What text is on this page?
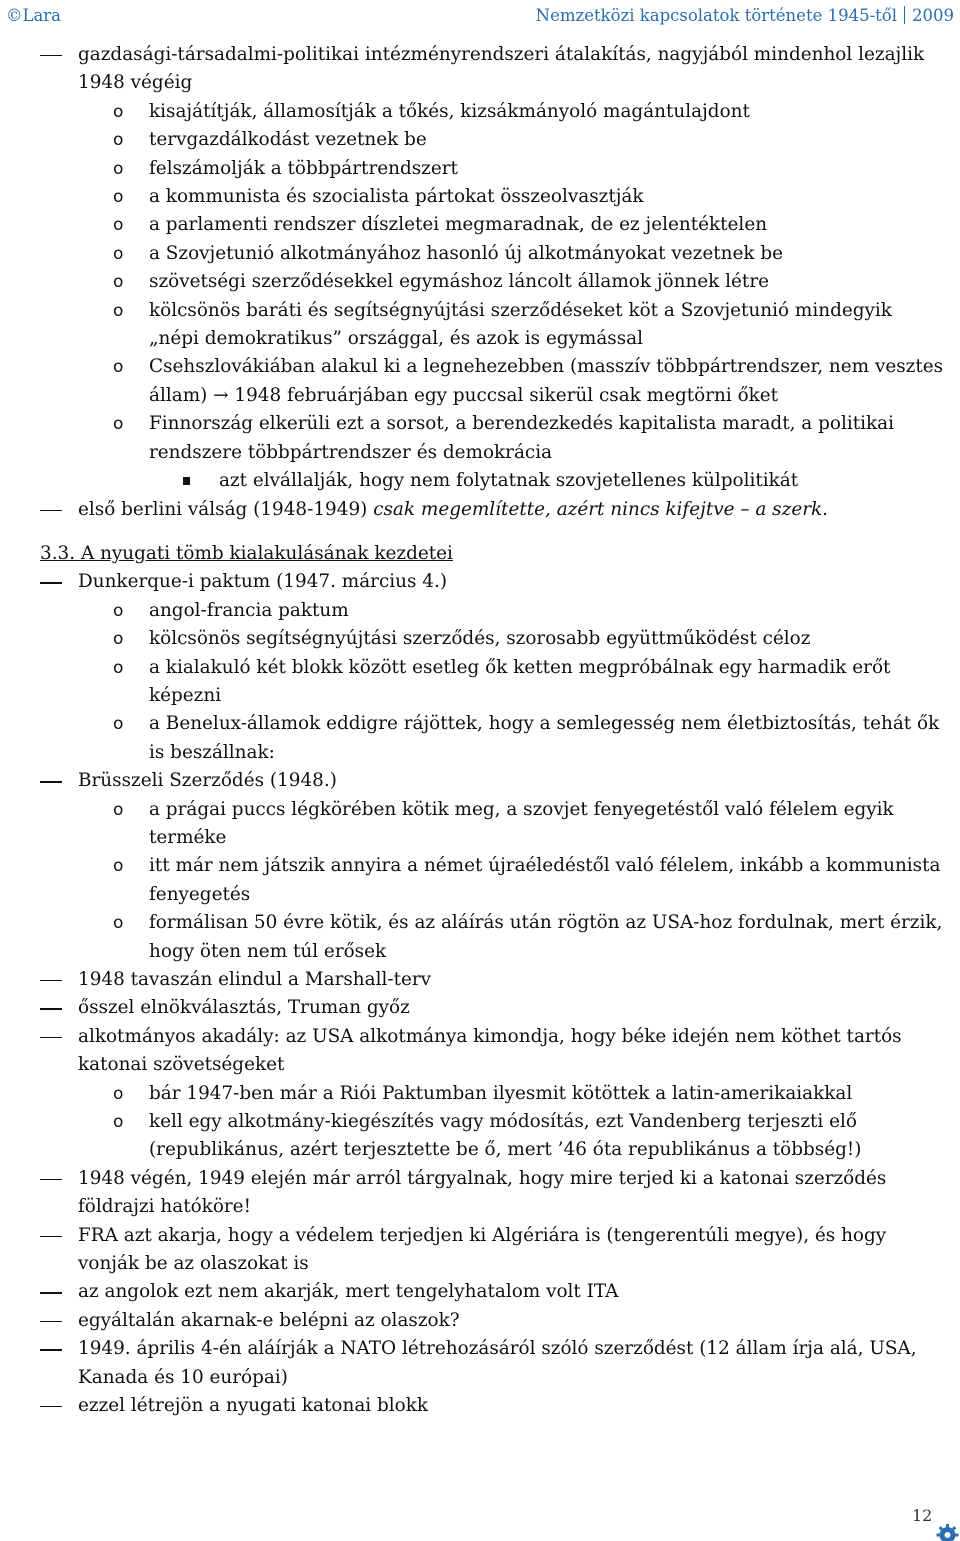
©Lara	Nemzetközi kapcsolatok története 1945-től 2009
gazdasági-társadalmi-politikai intézményrendszeri átalakítás, nagyjából mindenhol lezajlik 1948 végéig
o kisajátítják, államosítják a tőkés, kizsákmányoló magántulajdont
o tervgazdálkodást vezetnek be
o felszámolják a többpártrendszert
o a kommunista és szocialista pártokat összeolvasztják
o a parlamenti rendszer díszletei megmaradnak, de ez jelentéktelen
o a Szovjetunió alkotmányához hasonló új alkotmányokat vezetnek be
o szövetségi szerződésekkel egymáshoz láncolt államok jönnek létre
o kölcsönös baráti és segítségnyújtási szerződéseket köt a Szovjetunió mindegyik „népi demokratikus” országgal, és azok is egymással
o Csehszlovákiában alakul ki a legnehezebben (masszív többpártrendszer, nem vesztes állam) → 1948 februárjában egy puccsal sikerül csak megtörni őket
o Finnország elkerüli ezt a sorsot, a berendezkedés kapitalista maradt, a politikai rendszere többpártrendszer és demokrácia
azt elvállalják, hogy nem folytatnak szovjetellenes külpolitikát
első berlini válság (1948-1949) csak megemlítette, azért nincs kifejtve – a szerk.
3.3. A nyugati tömb kialakulásának kezdetei
Dunkerque-i paktum (1947. március 4.)
o angol-francia paktum
o kölcsönös segítségnyújtási szerződés, szorosabb együttműködést céloz
o a kialakuló két blokk között esetleg ők ketten megpróbálnak egy harmadik erőt képezni
o a Benelux-államok eddigre rájöttek, hogy a semlegesség nem életbiztosítás, tehát ők is beszállnak:
Brüsszeli Szerződés (1948.)
o a prágai puccs légkörében kötik meg, a szovjet fenyegetéstől való félelem egyik terméke
o itt már nem játszik annyira a német újraéledéstől való félelem, inkább a kommunista fenyegetés
o formálisan 50 évre kötik, és az aláírás után rögtön az USA-hoz fordulnak, mert érzik, hogy öten nem túl erősek
1948 tavaszán elindul a Marshall-terv
ősszel elnökválasztás, Truman győz
alkotmányos akadály: az USA alkotmánya kimondja, hogy béke idején nem köthet tartós katonai szövetségeket
o bár 1947-ben már a Riói Paktumban ilyesmit kötöttek a latin-amerikaiakkal
o kell egy alkotmány-kiegészítés vagy módosítás, ezt Vandenberg terjeszti elő (republikánus, azért terjesztette be ő, mert ’46 óta republikánus a többség!)
1948 végén, 1949 elején már arról tárgyalnak, hogy mire terjed ki a katonai szerződés földrajzi hatóköre!
FRA azt akarja, hogy a védelem terjedjen ki Algériára is (tengerentúli megye), és hogy vonják be az olaszokat is
az angolok ezt nem akarják, mert tengelyhatalom volt ITA
egyáltalán akarnak-e belépni az olaszok?
1949. április 4-én aláírják a NATO létrehozásáról szóló szerződést (12 állam írja alá, USA, Kanada és 10 európai)
ezzel létrejön a nyugati katonai blokk
12
